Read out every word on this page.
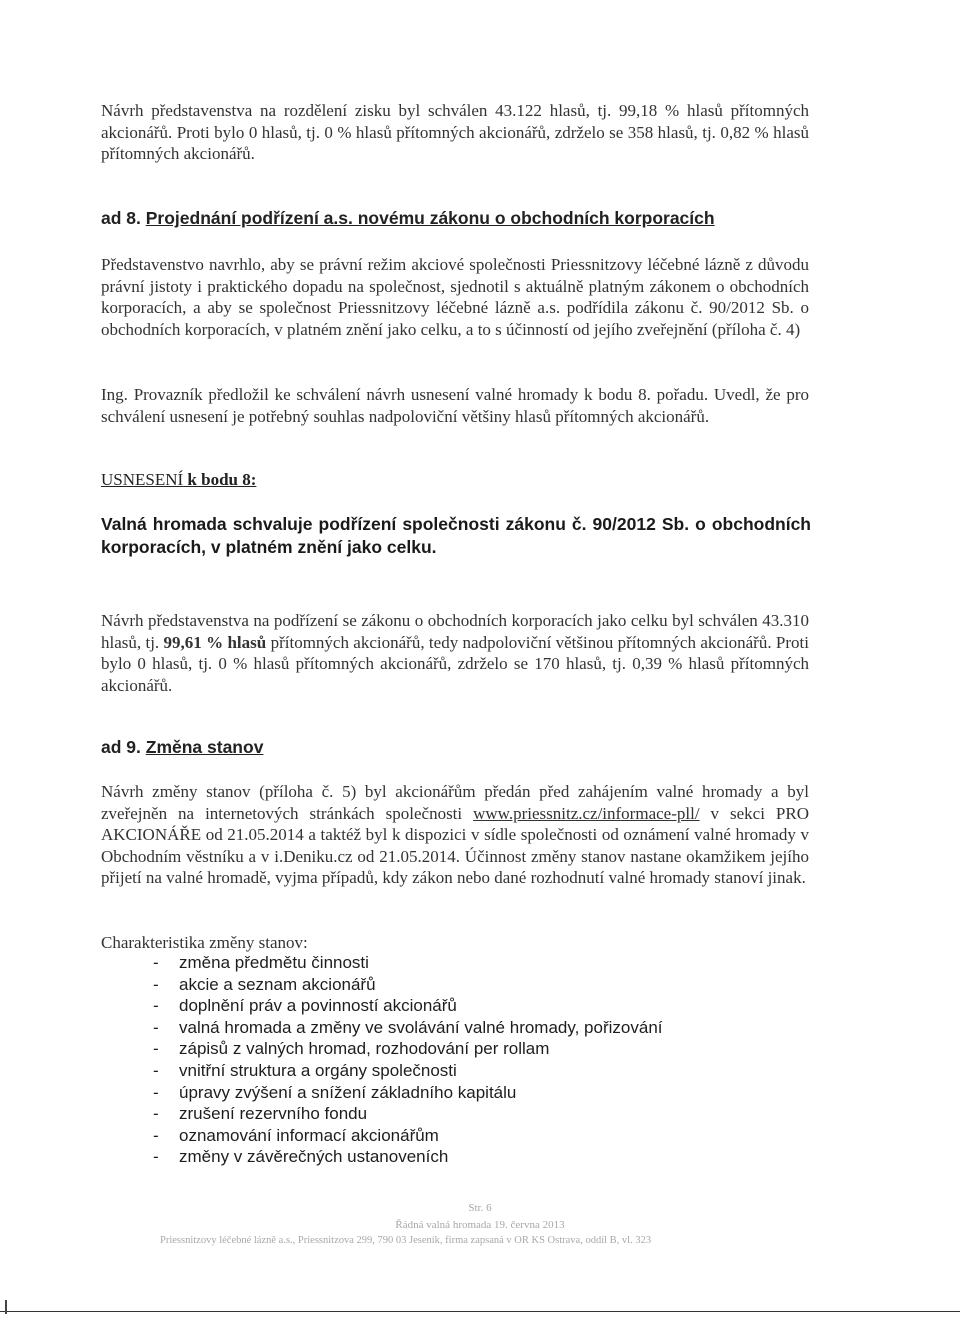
Návrh představenstva na rozdělení zisku byl schválen 43.122 hlasů, tj. 99,18 % hlasů přítomných akcionářů. Proti bylo 0 hlasů, tj. 0 % hlasů přítomných akcionářů, zdrželo se 358 hlasů, tj. 0,82 % hlasů přítomných akcionářů.

ad 8. Projednání podřízení a.s. novému zákonu o obchodních korporacích

Představenstvo navrhlo, aby se právní režim akciové společnosti Priessnitzovy léčebné lázně z důvodu právní jistoty i praktického dopadu na společnost, sjednotil s aktuálně platným zákonem o obchodních korporacích, a aby se společnost Priessnitzovy léčebné lázně a.s. podřídila zákonu č. 90/2012 Sb. o obchodních korporacích, v platném znění jako celku, a to s účinností od jejího zveřejnění (příloha č. 4)

Ing. Provazník předložil ke schválení návrh usnesení valné hromady k bodu 8. pořadu. Uvedl, že pro schválení usnesení je potřebný souhlas nadpoloviční většiny hlasů přítomných akcionářů.

USNESENÍ k bodu 8:

Valná hromada schvaluje podřízení společnosti zákonu č. 90/2012 Sb. o obchodních korporacích, v platném znění jako celku.

Návrh představenstva na podřízení se zákonu o obchodních korporacích jako celku byl schválen 43.310 hlasů, tj. 99,61 % hlasů přítomných akcionářů, tedy nadpoloviční většinou přítomných akcionářů. Proti bylo 0 hlasů, tj. 0 % hlasů přítomných akcionářů, zdrželo se 170 hlasů, tj. 0,39 % hlasů přítomných akcionářů.

ad 9. Změna stanov

Návrh změny stanov (příloha č. 5) byl akcionářům předán před zahájením valné hromady a byl zveřejněn na internetových stránkách společnosti www.priessnitz.cz/informace-pll/ v sekci PRO AKCIONÁŘE od 21.05.2014 a taktéž byl k dispozici v sídle společnosti od oznámení valné hromady v Obchodním věstníku a v i.Deniku.cz od 21.05.2014. Účinnost změny stanov nastane okamžikem jejího přijetí na valné hromadě, vyjma případů, kdy zákon nebo dané rozhodnutí valné hromady stanoví jinak.

Charakteristika změny stanov:

- změna předmětu činnosti
- akcie a seznam akcionářů
- doplnění práv a povinností akcionářů
- valná hromada a změny ve svolávání valné hromady, pořizování
- zápisů z valných hromad, rozhodování per rollam
- vnitřní struktura a orgány společnosti
- úpravy zvýšení a snížení základního kapitálu
- zrušení rezervního fondu
- oznamování informací akcionářům
- změny v závěrečných ustanoveních
Str. 6
Řádná valná hromada 19. června 2013
Priessnitzovy léčebné lázně a.s., Priessnitzova 299, 790 03 Jeseník, firma zapsaná v OR KS Ostrava, oddíl B, vl. 323
